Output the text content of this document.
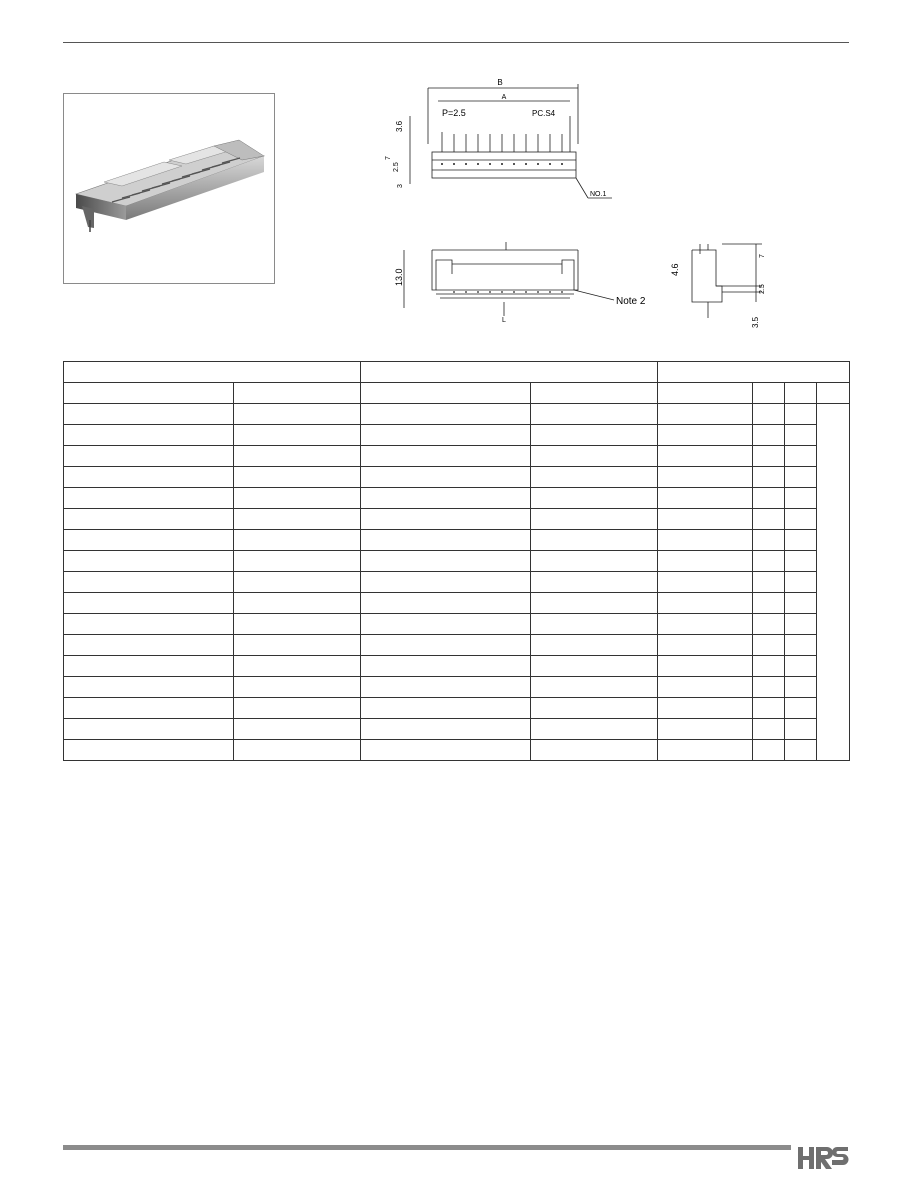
B
A
P=2.5	PC.S4
3.6
7
2.5
3
NO.1
13.0
L
Note 2
4.6
7
2.5
3.5
